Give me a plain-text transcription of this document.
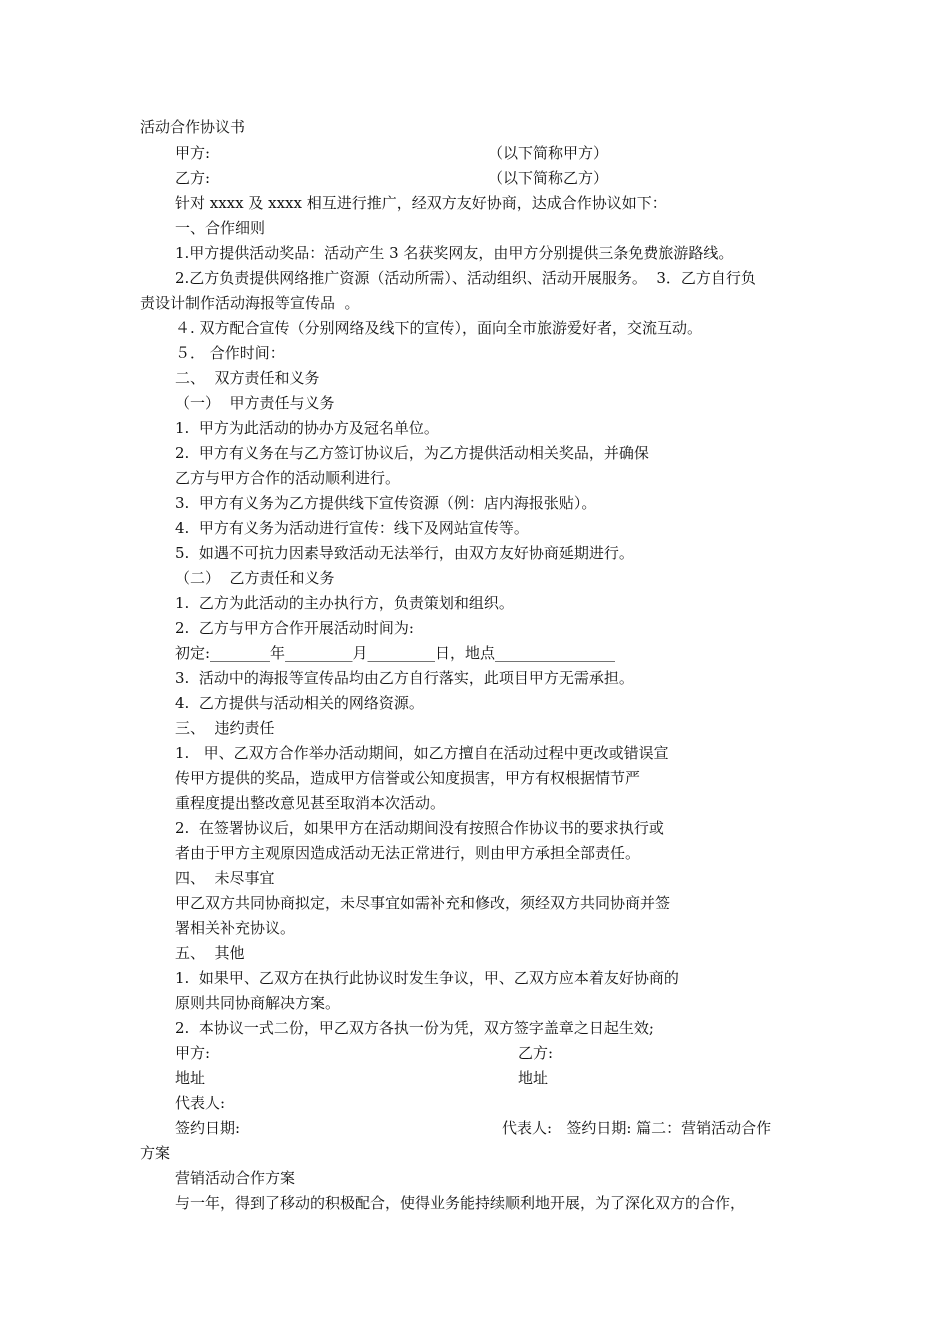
活动合作协议书
甲方:	（以下简称甲方）
乙方:	（以下简称乙方）
针对 xxxx 及 xxxx 相互进行推广，经双方友好协商，达成合作协议如下：
一、合作细则
1.甲方提供活动奖品：活动产生 3 名获奖网友，由甲方分别提供三条免费旅游路线。
2.乙方负责提供网络推广资源（活动所需）、活动组织、活动开展服务。  3．乙方自行负
责设计制作活动海报等宣传品  。
４. 双方配合宣传（分别网络及线下的宣传），面向全市旅游爱好者，交流互动。
５． 合作时间：
二、  双方责任和义务
（一）  甲方责任与义务
1.  甲方为此活动的协办方及冠名单位。
2.  甲方有义务在与乙方签订协议后，为乙方提供活动相关奖品，并确保
乙方与甲方合作的活动顺利进行。
3.  甲方有义务为乙方提供线下宣传资源（例：店内海报张贴）。
4.  甲方有义务为活动进行宣传：线下及网站宣传等。
5.  如遇不可抗力因素导致活动无法举行，由双方友好协商延期进行。
（二）  乙方责任和义务
1.  乙方为此活动的主办执行方，负责策划和组织。
2.  乙方与甲方合作开展活动时间为:
初定:________年_________月_________日，地点________________
3.  活动中的海报等宣传品均由乙方自行落实，此项目甲方无需承担。
4.  乙方提供与活动相关的网络资源。
三、  违约责任
1.   甲、乙双方合作举办活动期间，如乙方擅自在活动过程中更改或错误宣
传甲方提供的奖品，造成甲方信誉或公知度损害，甲方有权根据情节严
重程度提出整改意见甚至取消本次活动。
2.  在签署协议后，如果甲方在活动期间没有按照合作协议书的要求执行或
者由于甲方主观原因造成活动无法正常进行，则由甲方承担全部责任。
四、  未尽事宜
甲乙双方共同协商拟定，未尽事宜如需补充和修改，须经双方共同协商并签
署相关补充协议。
五、  其他
1.  如果甲、乙双方在执行此协议时发生争议，甲、乙双方应本着友好协商的
原则共同协商解决方案。
2.  本协议一式二份，甲乙双方各执一份为凭，双方签字盖章之日起生效;
甲方:	乙方:
地址	地址
代表人:
签约日期:	代表人:   签约日期: 篇二：营销活动合作
方案
营销活动合作方案
与一年，得到了移动的积极配合，使得业务能持续顺利地开展，为了深化双方的合作，
